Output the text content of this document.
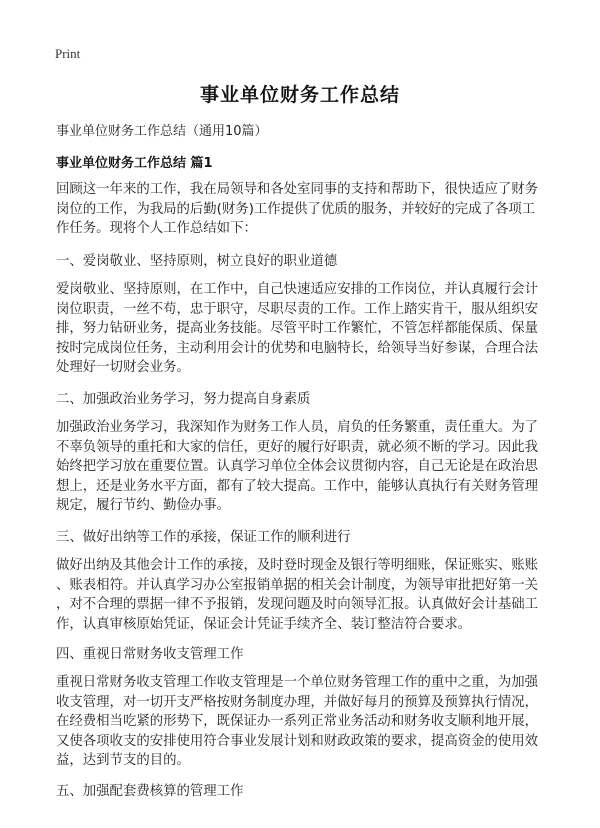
Print
事业单位财务工作总结
事业单位财务工作总结（通用10篇）
事业单位财务工作总结 篇1
回顾这一年来的工作，我在局领导和各处室同事的支持和帮助下，很快适应了财务
岗位的工作，为我局的后勤(财务)工作提供了优质的服务，并较好的完成了各项工
作任务。现将个人工作总结如下：
一、爱岗敬业、坚持原则，树立良好的职业道德
爱岗敬业、坚持原则，在工作中，自己快速适应安排的工作岗位，并认真履行会计
岗位职责，一丝不苟，忠于职守，尽职尽责的工作。工作上踏实肯干，服从组织安
排，努力钻研业务，提高业务技能。尽管平时工作繁忙，不管怎样都能保质、保量
按时完成岗位任务，主动利用会计的优势和电脑特长，给领导当好参谋，合理合法
处理好一切财会业务。
二、加强政治业务学习，努力提高自身素质
加强政治业务学习，我深知作为财务工作人员，肩负的任务繁重，责任重大。为了
不辜负领导的重托和大家的信任，更好的履行好职责，就必须不断的学习。因此我
始终把学习放在重要位置。认真学习单位全体会议贯彻内容，自己无论是在政治思
想上，还是业务水平方面，都有了较大提高。工作中，能够认真执行有关财务管理
规定，履行节约、勤俭办事。
三、做好出纳等工作的承接，保证工作的顺利进行
做好出纳及其他会计工作的承接，及时登时现金及银行等明细账，保证账实、账账
、账表相符。并认真学习办公室报销单据的相关会计制度，为领导审批把好第一关
，对不合理的票据一律不予报销，发现问题及时向领导汇报。认真做好会计基础工
作，认真审核原始凭证，保证会计凭证手续齐全、装订整洁符合要求。
四、重视日常财务收支管理工作
重视日常财务收支管理工作收支管理是一个单位财务管理工作的重中之重，为加强
收支管理，对一切开支严格按财务制度办理，并做好每月的预算及预算执行情况，
在经费相当吃紧的形势下，既保证办一系列正常业务活动和财务收支顺利地开展，
又使各项收支的安排使用符合事业发展计划和财政政策的要求，提高资金的使用效
益，达到节支的目的。
五、加强配套费核算的管理工作
